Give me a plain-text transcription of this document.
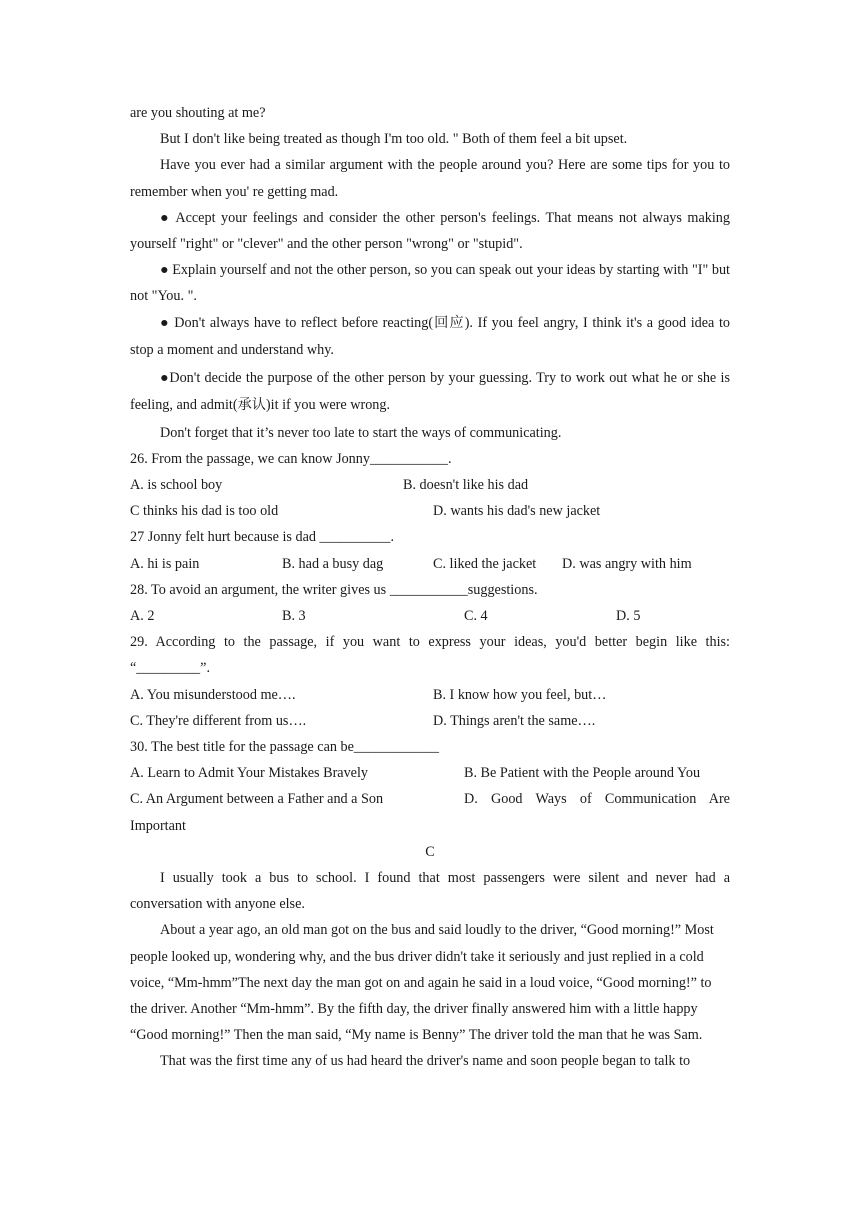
are you shouting at me?

But I don't like being treated as though I'm too old. " Both of them feel a bit upset.

Have you ever had a similar argument with the people around you? Here are some tips for you to remember when you' re getting mad.

● Accept your feelings and consider the other person's feelings. That means not always making yourself "right" or "clever" and the other person "wrong" or "stupid".

● Explain yourself and not the other person, so you can speak out your ideas by starting with "I" but not "You. ".

● Don't always have to reflect before reacting(回应). If you feel angry, I think it's a good idea to stop a moment and understand why.

●Don't decide the purpose of the other person by your guessing. Try to work out what he or she is feeling, and admit(承认)it if you were wrong.

Don't forget that it’s never too late to start the ways of communicating.

26. From the passage, we can know Jonny___________.

A. is school boy	B. doesn't like his dad
C thinks his dad is too old	D. wants his dad's new jacket

27 Jonny felt hurt because is dad __________.

A. hi is pain	B. had a busy dag	C. liked the jacket D. was angry with him

28. To avoid an argument, the writer gives us ___________suggestions.

A. 2	B. 3	C. 4	D. 5

29. According to the passage, if you want to express your ideas, you'd better begin like this: “_________”.

A. You misunderstood me….	B. I know how you feel, but…
C. They're different from us….	D. Things aren't the same….

30. The best title for the passage can be____________

A. Learn to Admit Your Mistakes Bravely	B. Be Patient with the People around You
C. An Argument between a Father and a Son	D. Good Ways of Communication Are
Important
C

I usually took a bus to school. I found that most passengers were silent and never had a conversation with anyone else.

About a year ago, an old man got on the bus and said loudly to the driver, “Good morning!” Most people looked up, wondering why, and the bus driver didn't take it seriously and just replied in a cold voice, “Mm-hmm”The next day the man got on and again he said in a loud voice, “Good morning!” to the driver. Another “Mm-hmm”. By the fifth day, the driver finally answered him with a little happy “Good morning!” Then the man said, “My name is Benny” The driver told the man that he was Sam.

That was the first time any of us had heard the driver's name and soon people began to talk to
